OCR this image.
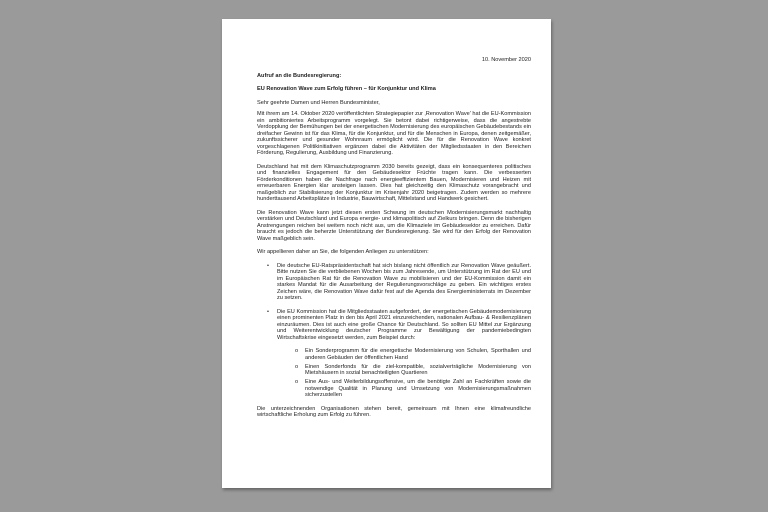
10. November 2020
Aufruf an die Bundesregierung:
EU Renovation Wave zum Erfolg führen – für Konjunktur und Klima
Sehr geehrte Damen und Herren Bundesminister,

Mit ihrem am 14. Oktober 2020 veröffentlichten Strategiepapier zur ‚Renovation Wave' hat die EU-Kommission ein ambitioniertes Arbeitsprogramm vorgelegt. Sie betont dabei richtigerweise, dass die angestrebte Verdopplung der Bemühungen bei der energetischen Modernisierung des europäischen Gebäudebestands ein dreifacher Gewinn ist für das Klima, für die Konjunktur, und für die Menschen in Europa, denen zeitgemäßer, zukunftssicherer und gesunder Wohnraum ermöglicht wird. Die für die Renovation Wave konkret vorgeschlagenen Politikinitiativen ergänzen dabei die Aktivitäten der Mitgliedsstaaten in den Bereichen Förderung, Regulierung, Ausbildung und Finanzierung.

Deutschland hat mit dem Klimaschutzprogramm 2030 bereits gezeigt, dass ein konsequenteres politisches und finanzielles Engagement für den Gebäudesektor Früchte tragen kann. Die verbesserten Förderkonditionen haben die Nachfrage nach energieeffizientem Bauen, Modernisieren und Heizen mit erneuerbaren Energien klar ansteigen lassen. Dies hat gleichzeitig den Klimaschutz vorangebracht und maßgeblich zur Stabilisierung der Konjunktur im Krisenjahr 2020 beigetragen. Zudem werden so mehrere hunderttausend Arbeitsplätze in Industrie, Bauwirtschaft, Mittelstand und Handwerk gesichert.

Die Renovation Wave kann jetzt diesen ersten Schwung im deutschen Modernisierungsmarkt nachhaltig verstärken und Deutschland und Europa energie- und klimapolitisch auf Zielkurs bringen. Denn die bisherigen Anstrengungen reichen bei weitem noch nicht aus, um die Klimaziele im Gebäudesektor zu erreichen. Dafür braucht es jedoch die beherzte Unterstützung der Bundesregierung. Sie wird für den Erfolg der Renovation Wave maßgeblich sein.

Wir appellieren daher an Sie, die folgenden Anliegen zu unterstützen:

•	Die deutsche EU-Ratspräsidentschaft hat sich bislang nicht öffentlich zur Renovation Wave geäußert. Bitte nutzen Sie die verbliebenen Wochen bis zum Jahresende, um Unterstützung im Rat der EU und im Europäischen Rat für die Renovation Wave zu mobilisieren und der EU-Kommission damit ein starkes Mandat für die Ausarbeitung der Regulierungsvorschläge zu geben. Ein wichtiges erstes Zeichen wäre, die Renovation Wave dafür fest auf die Agenda des Energieministerrats im Dezember zu setzen.
•	Die EU Kommission hat die Mitgliedsstaaten aufgefordert, der energetischen Gebäudemodernisierung einen prominenten Platz in den bis April 2021 einzureichenden, nationalen Aufbau- & Resilienzplänen einzuräumen. Dies ist auch eine große Chance für Deutschland. So sollten EU Mittel zur Ergänzung und Weiterentwicklung deutscher Programme zur Bewältigung der pandemiebedingten Wirtschaftskrise eingesetzt werden, zum Beispiel durch:
o	Ein Sonderprogramm für die energetische Modernisierung von Schulen, Sporthallen und anderen Gebäuden der öffentlichen Hand
o	Einen Sonderfonds für die ziel-kompatible, sozialverträgliche Modernisierung von Mietshäusern in sozial benachteiligten Quartieren
o	Eine Aus- und Weiterbildungsoffensive, um die benötigte Zahl an Fachkräften sowie die notwendige Qualität in Planung und Umsetzung von Modernisierungsmaßnahmen sicherzustellen

Die unterzeichnenden Organisationen stehen bereit, gemeinsam mit Ihnen eine klimafreundliche wirtschaftliche Erholung zum Erfolg zu führen.
